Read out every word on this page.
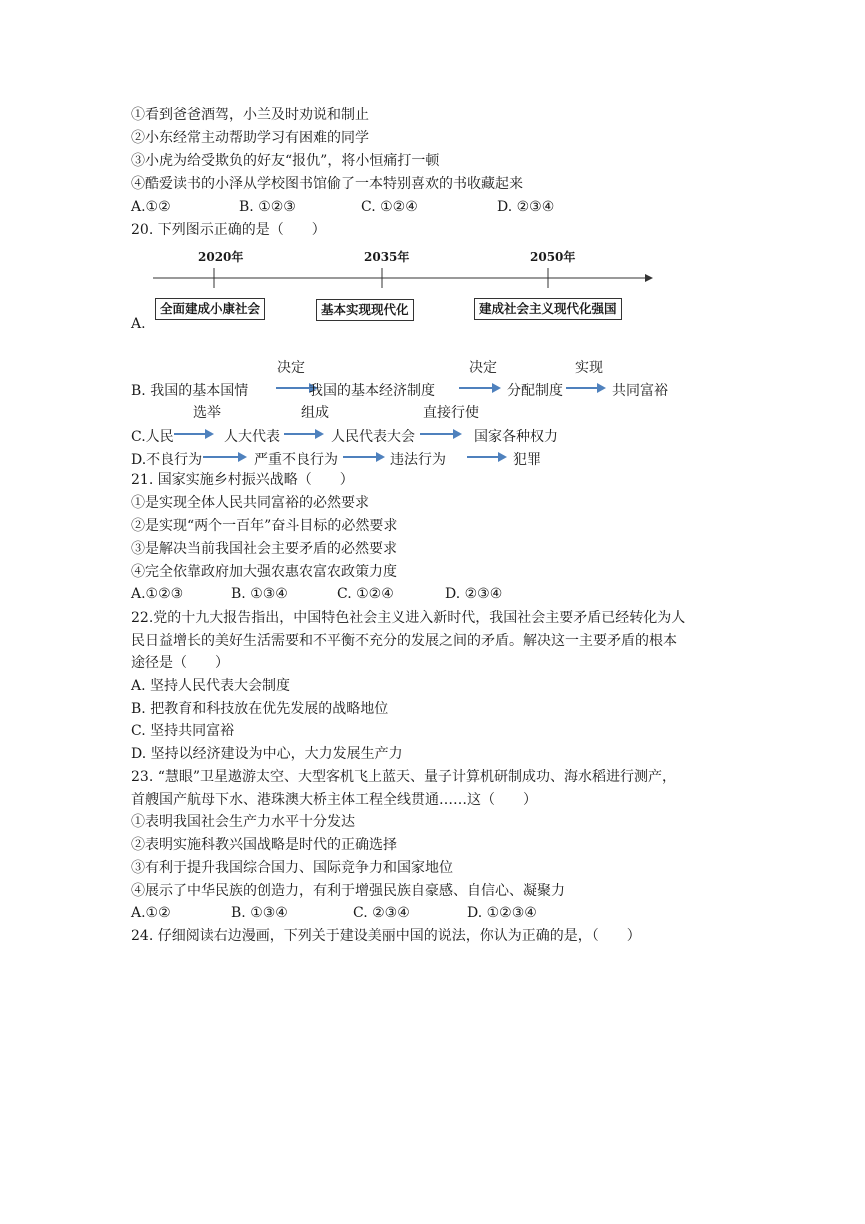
①看到爸爸酒驾，小兰及时劝说和制止
②小东经常主动帮助学习有困难的同学
③小虎为给受欺负的好友“报仇”，将小恒痛打一顿
④酷爱读书的小泽从学校图书馆偷了一本特别喜欢的书收藏起来
A.①②	B. ①②③	C. ①②④	D. ②③④
20. 下列图示正确的是（　　）
2020年	2035年	2050年
全面建成小康社会	基本实现现代化	建成社会主义现代化强国
A.
决定	决定	实现
B. 我国的基本国情	我国的基本经济制度	分配制度	共同富裕
选举	组成	直接行使
C.人民	人大代表	人民代表大会	国家各种权力
D.不良行为	严重不良行为	违法行为	犯罪
21. 国家实施乡村振兴战略（　　）
①是实现全体人民共同富裕的必然要求
②是实现“两个一百年”奋斗目标的必然要求
③是解决当前我国社会主要矛盾的必然要求
④完全依靠政府加大强农惠农富农政策力度
A.①②③	B. ①③④	C. ①②④	D. ②③④
22.党的十九大报告指出，中国特色社会主义进入新时代，我国社会主要矛盾已经转化为人
民日益增长的美好生活需要和不平衡不充分的发展之间的矛盾。解决这一主要矛盾的根本
途径是（　　）
A. 坚持人民代表大会制度
B. 把教育和科技放在优先发展的战略地位
C. 坚持共同富裕
D. 坚持以经济建设为中心，大力发展生产力
23. “慧眼”卫星遨游太空、大型客机飞上蓝天、量子计算机研制成功、海水稻进行测产，
首艘国产航母下水、港珠澳大桥主体工程全线贯通……这（　　）
①表明我国社会生产力水平十分发达
②表明实施科教兴国战略是时代的正确选择
③有利于提升我国综合国力、国际竞争力和国家地位
④展示了中华民族的创造力，有利于增强民族自豪感、自信心、凝聚力
A.①②	B. ①③④	C. ②③④	D. ①②③④
24. 仔细阅读右边漫画，下列关于建设美丽中国的说法，你认为正确的是，（　　）
